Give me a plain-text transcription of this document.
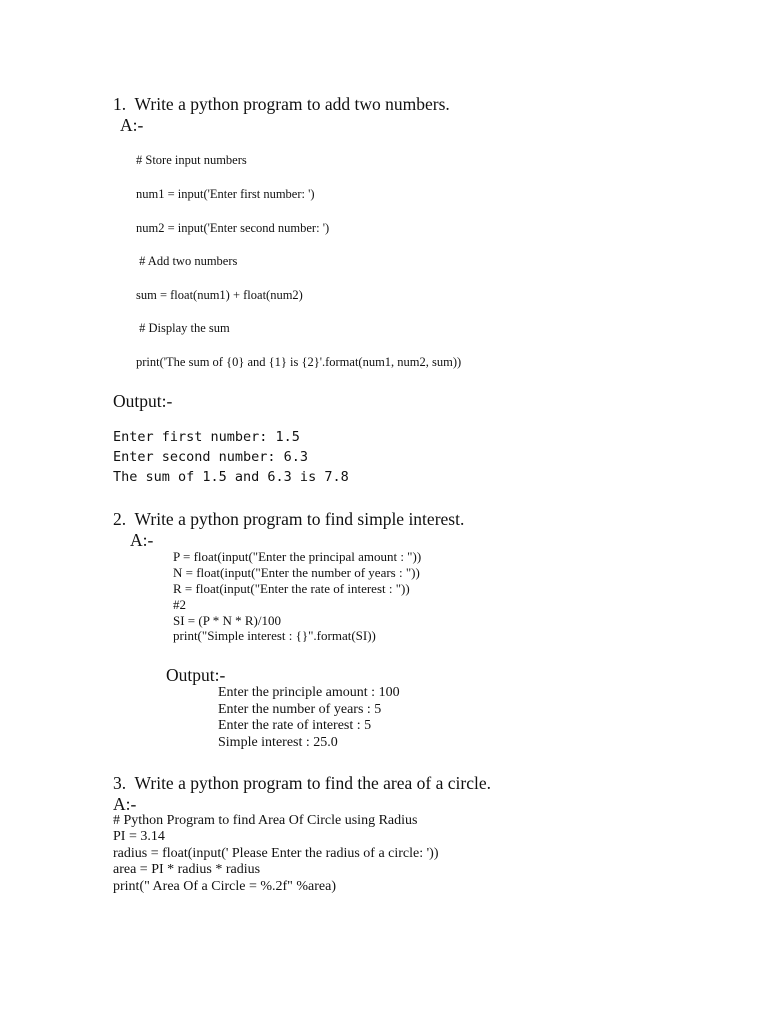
1.  Write a python program to add two numbers.
A:-
# Store input numbers
num1 = input('Enter first number: ')
num2 = input('Enter second number: ')
# Add two numbers
sum = float(num1) + float(num2)
# Display the sum
print('The sum of {0} and {1} is {2}'.format(num1, num2, sum))
Output:-
Enter first number: 1.5
Enter second number: 6.3
The sum of 1.5 and 6.3 is 7.8
2.  Write a python program to find simple interest.
A:-
P = float(input("Enter the principal amount : "))
N = float(input("Enter the number of years : "))
R = float(input("Enter the rate of interest : "))
#2
SI = (P * N * R)/100
print("Simple interest : {}".format(SI))
Output:-
Enter the principle amount : 100
Enter the number of years : 5
Enter the rate of interest : 5
Simple interest : 25.0
3.  Write a python program to find the area of a circle.
A:-
# Python Program to find Area Of Circle using Radius
PI = 3.14
radius = float(input(' Please Enter the radius of a circle: '))
area = PI * radius * radius
print(" Area Of a Circle = %.2f" %area)
